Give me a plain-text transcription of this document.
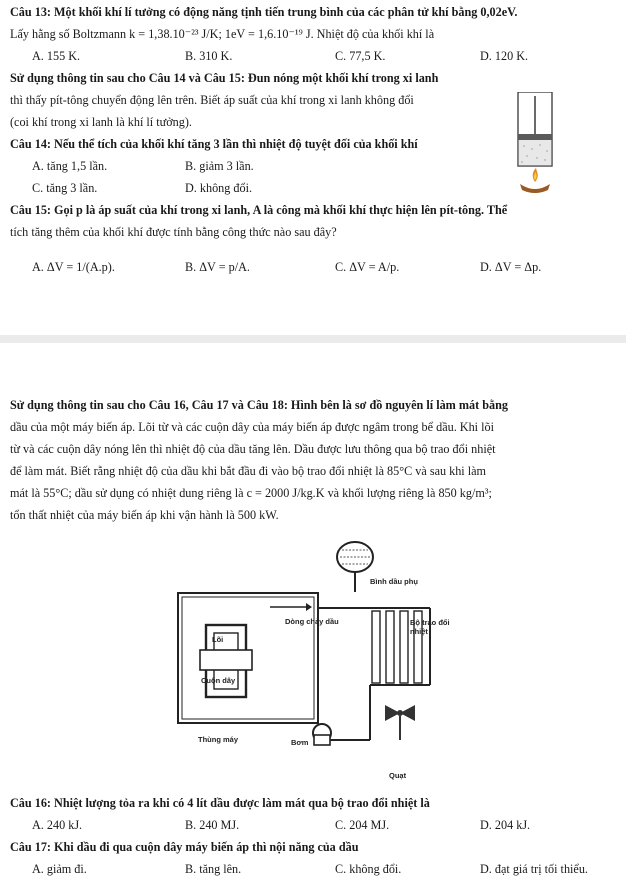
Câu 13: Một khối khí lí tưởng có động năng tịnh tiến trung bình của các phân tử khí bằng 0,02eV.
Lấy hằng số Boltzmann k = 1,38.10⁻²³ J/K; 1eV = 1,6.10⁻¹⁹ J. Nhiệt độ của khối khí là
A. 155 K.	B. 310 K.	C. 77,5 K.	D. 120 K.
Sử dụng thông tin sau cho Câu 14 và Câu 15: Đun nóng một khối khí trong xi lanh
thì thấy pít-tông chuyển động lên trên. Biết áp suất của khí trong xi lanh không đổi
(coi khí trong xi lanh là khí lí tưởng).
Câu 14: Nếu thể tích của khối khí tăng 3 lần thì nhiệt độ tuyệt đối của khối khí
A. tăng 1,5 lần.	B. giảm 3 lần.
C. tăng 3 lần.	D. không đổi.
Câu 15: Gọi p là áp suất của khí trong xi lanh, A là công mà khối khí thực hiện lên pít-tông. Thể
tích tăng thêm của khối khí được tính bằng công thức nào sau đây?
A. ΔV = 1/(A.p).	B. ΔV = p/A.	C. ΔV = A/p.	D. ΔV = Δp.
Sử dụng thông tin sau cho Câu 16, Câu 17 và Câu 18: Hình bên là sơ đồ nguyên lí làm mát bằng
dầu của một máy biến áp. Lõi từ và các cuộn dây của máy biến áp được ngâm trong bể dầu. Khi lõi
từ và các cuộn dây nóng lên thì nhiệt độ của dầu tăng lên. Dầu được lưu thông qua bộ trao đổi nhiệt
để làm mát. Biết rằng nhiệt độ của dầu khi bắt đầu đi vào bộ trao đổi nhiệt là 85°C và sau khi làm
mát là 55°C; dầu sử dụng có nhiệt dung riêng là c = 2000 J/kg.K và khối lượng riêng là 850 kg/m³;
tổn thất nhiệt của máy biến áp khi vận hành là 500 kW.
Bình dầu phụ
Lõi
Dòng chảy dầu	Bộ trao đổi nhiệt
Cuộn dây
Thùng máy	Bơm
Quạt
Câu 16: Nhiệt lượng tỏa ra khi có 4 lít dầu được làm mát qua bộ trao đổi nhiệt là
A. 240 kJ.	B. 240 MJ.	C. 204 MJ.	D. 204 kJ.
Câu 17: Khi dầu đi qua cuộn dây máy biến áp thì nội năng của dầu
A. giảm đi.	B. tăng lên.	C. không đổi.	D. đạt giá trị tối thiểu.
